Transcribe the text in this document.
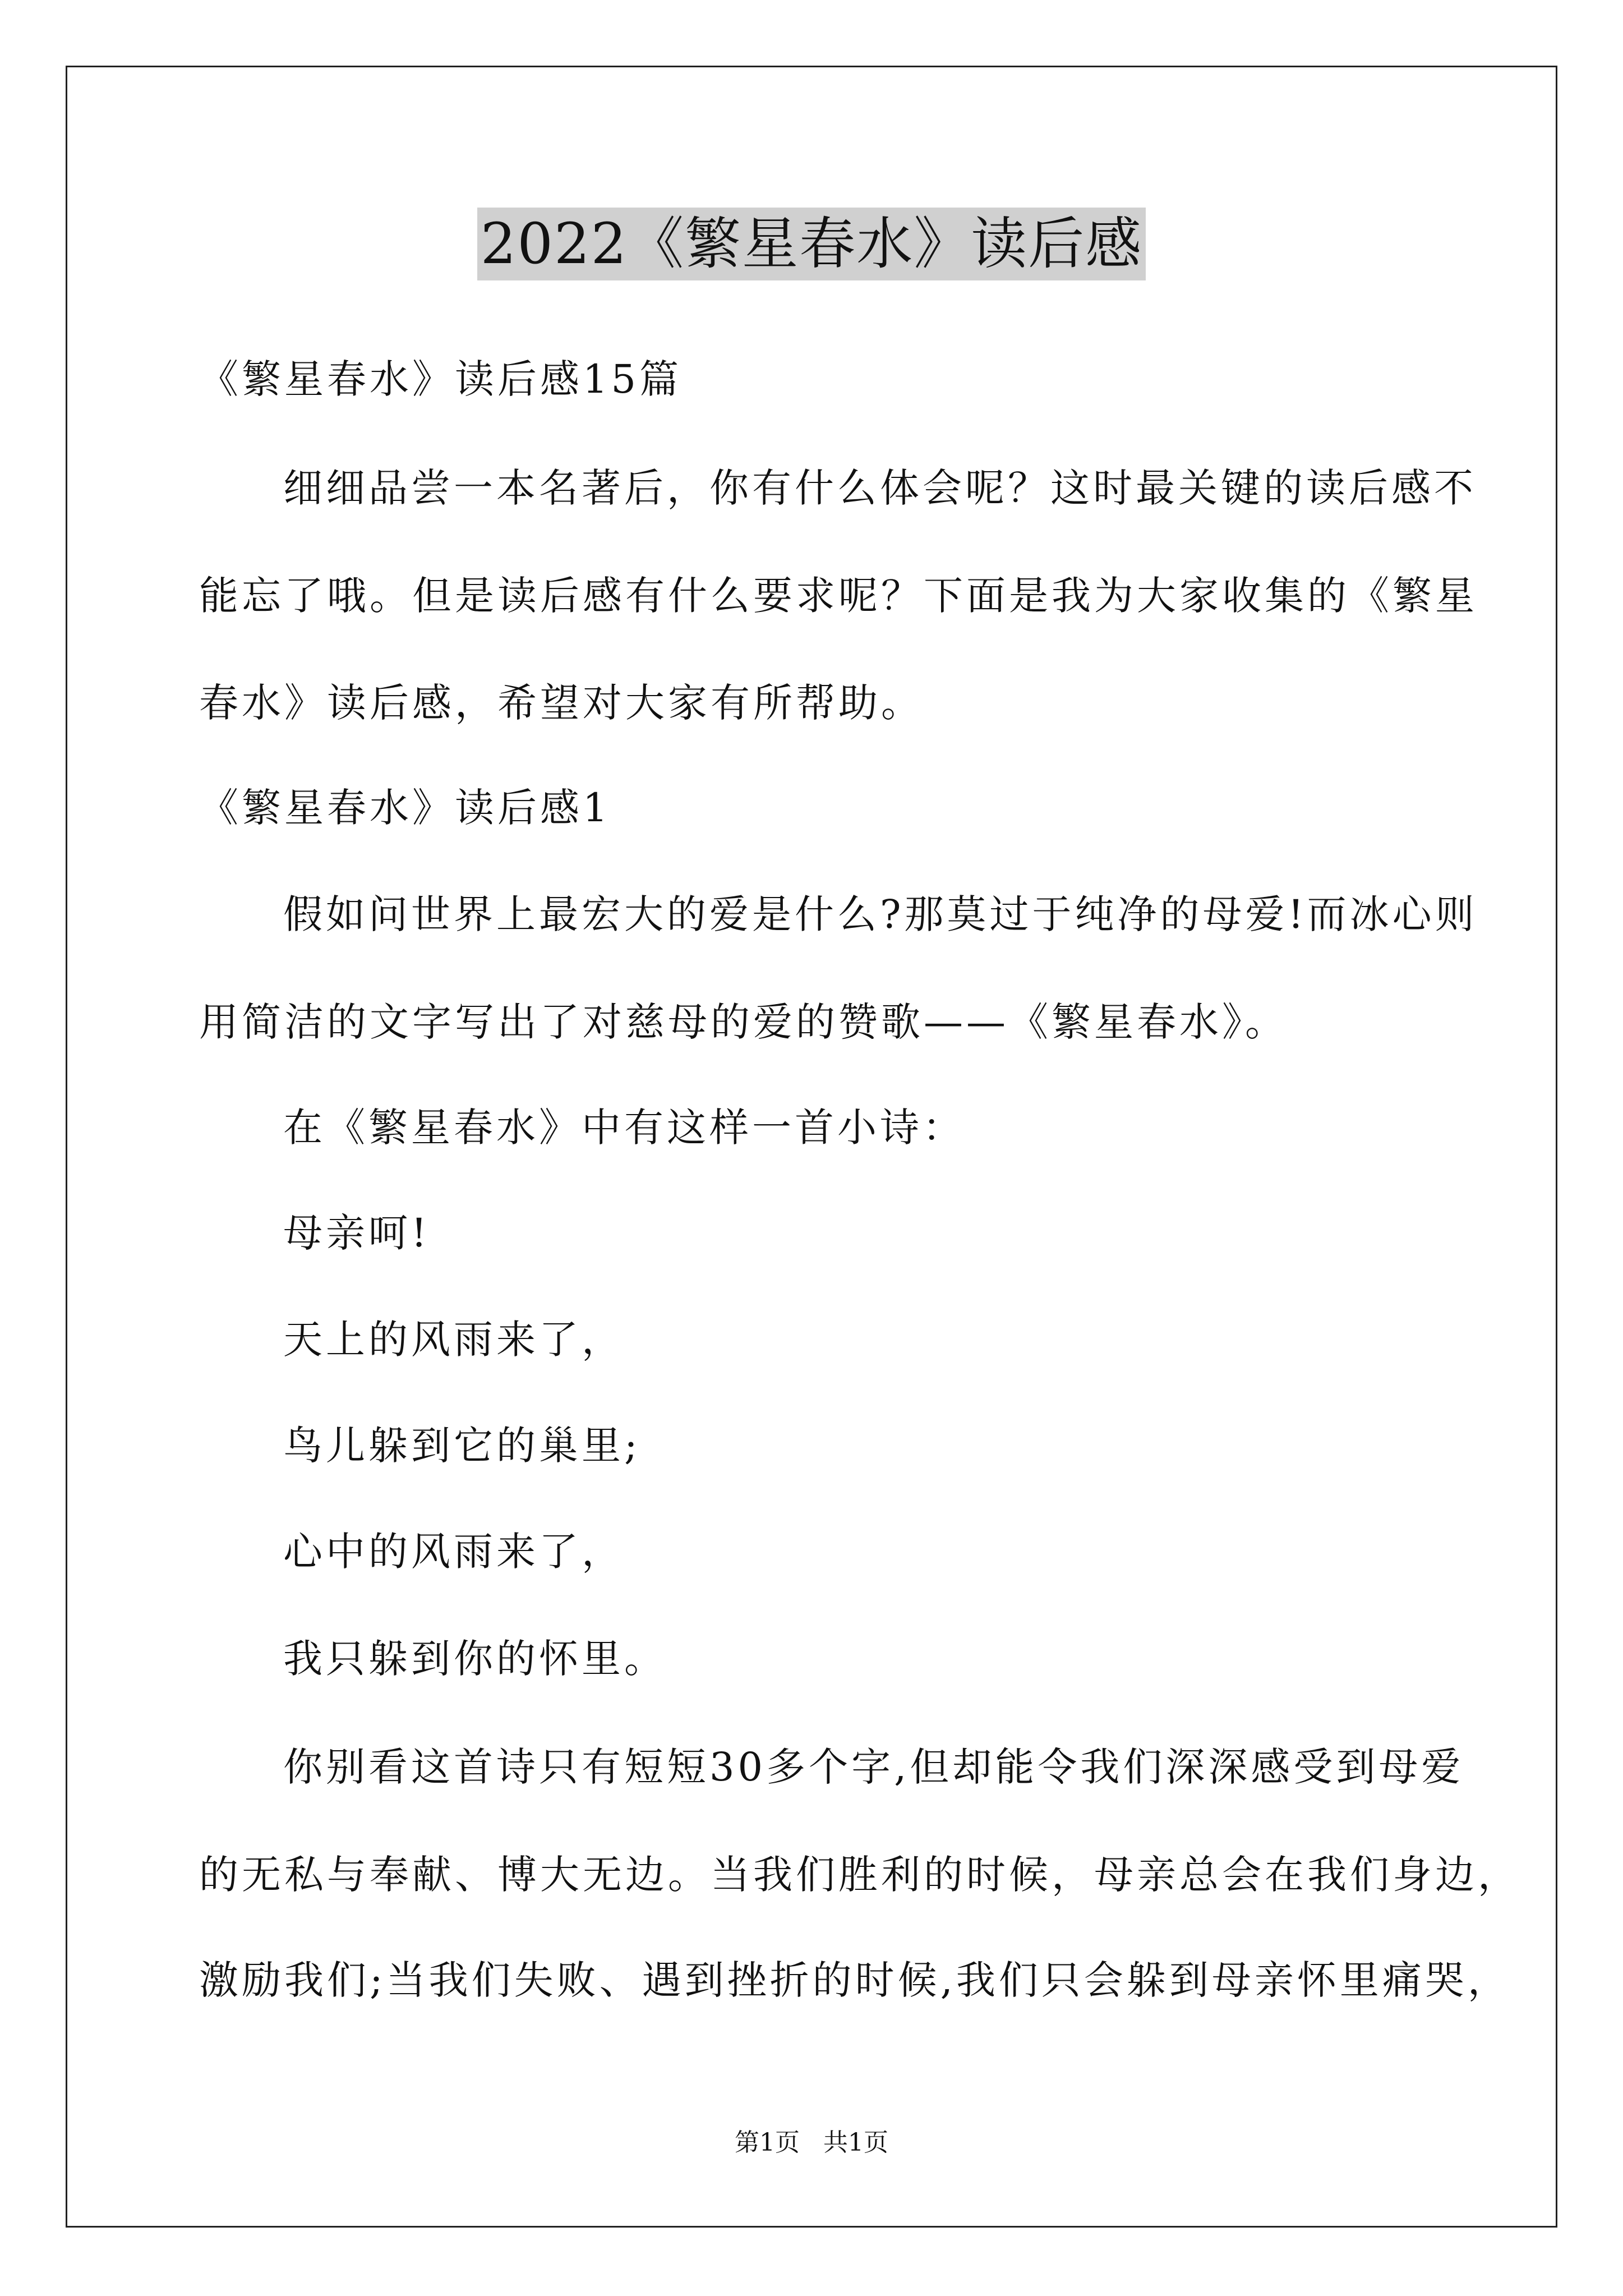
2022《繁星春水》读后感
《繁星春水》读后感15篇
细细品尝一本名著后，你有什么体会呢？这时最关键的读后感不
能忘了哦。但是读后感有什么要求呢？下面是我为大家收集的《繁星
春水》读后感，希望对大家有所帮助。
《繁星春水》读后感1
假如问世界上最宏大的爱是什么?那莫过于纯净的母爱!而冰心则
用简洁的文字写出了对慈母的爱的赞歌——《繁星春水》。
在《繁星春水》中有这样一首小诗：
母亲呵!
天上的风雨来了，
鸟儿躲到它的巢里;
心中的风雨来了，
我只躲到你的怀里。
你别看这首诗只有短短30多个字,但却能令我们深深感受到母爱
的无私与奉献、博大无边。当我们胜利的时候，母亲总会在我们身边，
激励我们;当我们失败、遇到挫折的时候,我们只会躲到母亲怀里痛哭，
第1页   共1页
